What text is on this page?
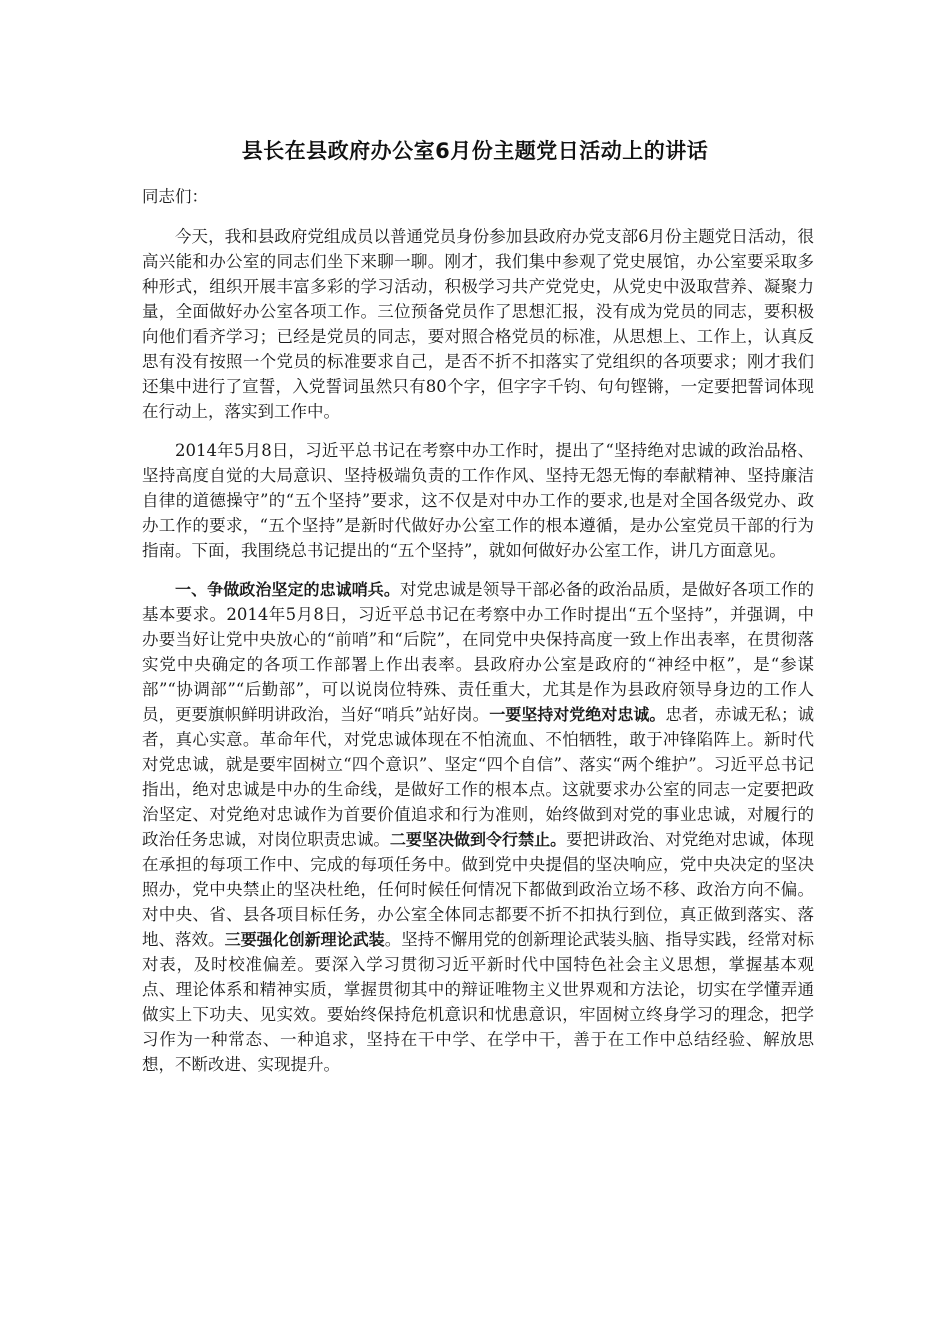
县长在县政府办公室6月份主题党日活动上的讲话

同志们：

今天，我和县政府党组成员以普通党员身份参加县政府办党支部6月份主题党日活动，很高兴能和办公室的同志们坐下来聊一聊。刚才，我们集中参观了党史展馆，办公室要采取多种形式，组织开展丰富多彩的学习活动，积极学习共产党党史，从党史中汲取营养、凝聚力量，全面做好办公室各项工作。三位预备党员作了思想汇报，没有成为党员的同志，要积极向他们看齐学习；已经是党员的同志，要对照合格党员的标准，从思想上、工作上，认真反思有没有按照一个党员的标准要求自己，是否不折不扣落实了党组织的各项要求；刚才我们还集中进行了宣誓，入党誓词虽然只有80个字，但字字千钧、句句铿锵，一定要把誓词体现在行动上，落实到工作中。

2014年5月8日，习近平总书记在考察中办工作时，提出了“坚持绝对忠诚的政治品格、坚持高度自觉的大局意识、坚持极端负责的工作作风、坚持无怨无悔的奉献精神、坚持廉洁自律的道德操守”的“五个坚持”要求，这不仅是对中办工作的要求,也是对全国各级党办、政办工作的要求，“五个坚持”是新时代做好办公室工作的根本遵循，是办公室党员干部的行为指南。下面，我围绕总书记提出的“五个坚持”，就如何做好办公室工作，讲几方面意见。

一、争做政治坚定的忠诚哨兵。对党忠诚是领导干部必备的政治品质，是做好各项工作的基本要求。2014年5月8日，习近平总书记在考察中办工作时提出“五个坚持”，并强调，中办要当好让党中央放心的“前哨”和“后院”，在同党中央保持高度一致上作出表率，在贯彻落实党中央确定的各项工作部署上作出表率。县政府办公室是政府的“神经中枢”，是“参谋部”“协调部”“后勤部”，可以说岗位特殊、责任重大，尤其是作为县政府领导身边的工作人员，更要旗帜鲜明讲政治，当好“哨兵”站好岗。一要坚持对党绝对忠诚。忠者，赤诚无私；诚者，真心实意。革命年代，对党忠诚体现在不怕流血、不怕牺牲，敢于冲锋陷阵上。新时代对党忠诚，就是要牢固树立“四个意识”、坚定“四个自信”、落实“两个维护”。习近平总书记指出，绝对忠诚是中办的生命线，是做好工作的根本点。这就要求办公室的同志一定要把政治坚定、对党绝对忠诚作为首要价值追求和行为准则，始终做到对党的事业忠诚，对履行的政治任务忠诚，对岗位职责忠诚。二要坚决做到令行禁止。要把讲政治、对党绝对忠诚，体现在承担的每项工作中、完成的每项任务中。做到党中央提倡的坚决响应，党中央决定的坚决照办，党中央禁止的坚决杜绝，任何时候任何情况下都做到政治立场不移、政治方向不偏。对中央、省、县各项目标任务，办公室全体同志都要不折不扣执行到位，真正做到落实、落地、落效。三要强化创新理论武装。坚持不懈用党的创新理论武装头脑、指导实践，经常对标对表，及时校准偏差。要深入学习贯彻习近平新时代中国特色社会主义思想，掌握基本观点、理论体系和精神实质，掌握贯彻其中的辩证唯物主义世界观和方法论，切实在学懂弄通做实上下功夫、见实效。要始终保持危机意识和忧患意识，牢固树立终身学习的理念，把学习作为一种常态、一种追求，坚持在干中学、在学中干，善于在工作中总结经验、解放思想，不断改进、实现提升。
